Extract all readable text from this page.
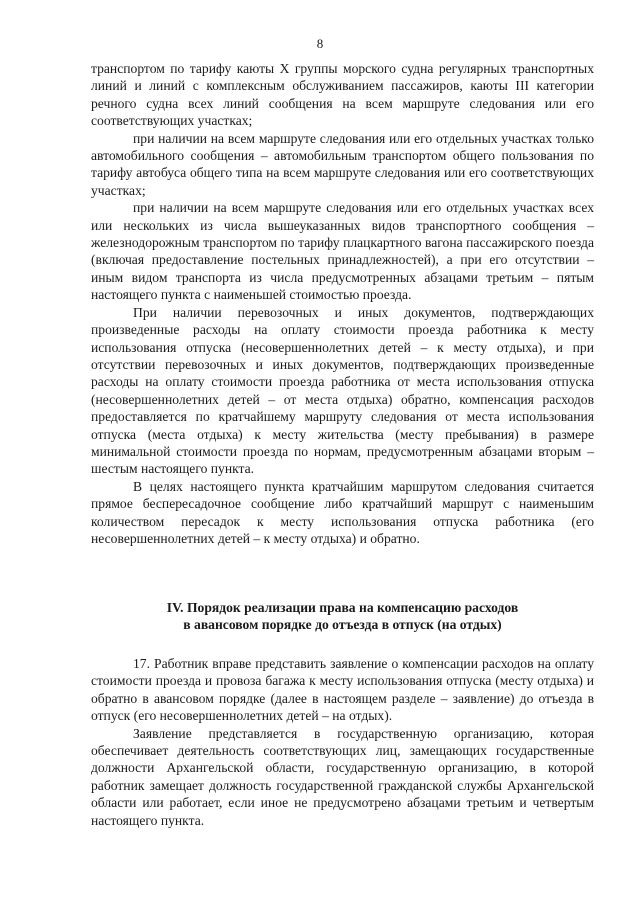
8

транспортом по тарифу каюты X группы морского судна регулярных транспортных линий и линий с комплексным обслуживанием пассажиров, каюты III категории речного судна всех линий сообщения на всем маршруте следования или его соответствующих участках;

при наличии на всем маршруте следования или его отдельных участках только автомобильного сообщения – автомобильным транспортом общего пользования по тарифу автобуса общего типа на всем маршруте следования или его соответствующих участках;

при наличии на всем маршруте следования или его отдельных участках всех или нескольких из числа вышеуказанных видов транспортного сообщения – железнодорожным транспортом по тарифу плацкартного вагона пассажирского поезда (включая предоставление постельных принадлежностей), а при его отсутствии – иным видом транспорта из числа предусмотренных абзацами третьим – пятым настоящего пункта с наименьшей стоимостью проезда.

При наличии перевозочных и иных документов, подтверждающих произведенные расходы на оплату стоимости проезда работника к месту использования отпуска (несовершеннолетних детей – к месту отдыха), и при отсутствии перевозочных и иных документов, подтверждающих произведенные расходы на оплату стоимости проезда работника от места использования отпуска (несовершеннолетних детей – от места отдыха) обратно, компенсация расходов предоставляется по кратчайшему маршруту следования от места использования отпуска (места отдыха) к месту жительства (месту пребывания) в размере минимальной стоимости проезда по нормам, предусмотренным абзацами вторым – шестым настоящего пункта.

В целях настоящего пункта кратчайшим маршрутом следования считается прямое беспересадочное сообщение либо кратчайший маршрут с наименьшим количеством пересадок к месту использования отпуска работника (его несовершеннолетних детей – к месту отдыха) и обратно.

IV. Порядок реализации права на компенсацию расходов
в авансовом порядке до отъезда в отпуск (на отдых)

17. Работник вправе представить заявление о компенсации расходов на оплату стоимости проезда и провоза багажа к месту использования отпуска (месту отдыха) и обратно в авансовом порядке (далее в настоящем разделе – заявление) до отъезда в отпуск (его несовершеннолетних детей – на отдых).

Заявление представляется в государственную организацию, которая обеспечивает деятельность соответствующих лиц, замещающих государственные должности Архангельской области, государственную организацию, в которой работник замещает должность государственной гражданской службы Архангельской области или работает, если иное не предусмотрено абзацами третьим и четвертым настоящего пункта.
